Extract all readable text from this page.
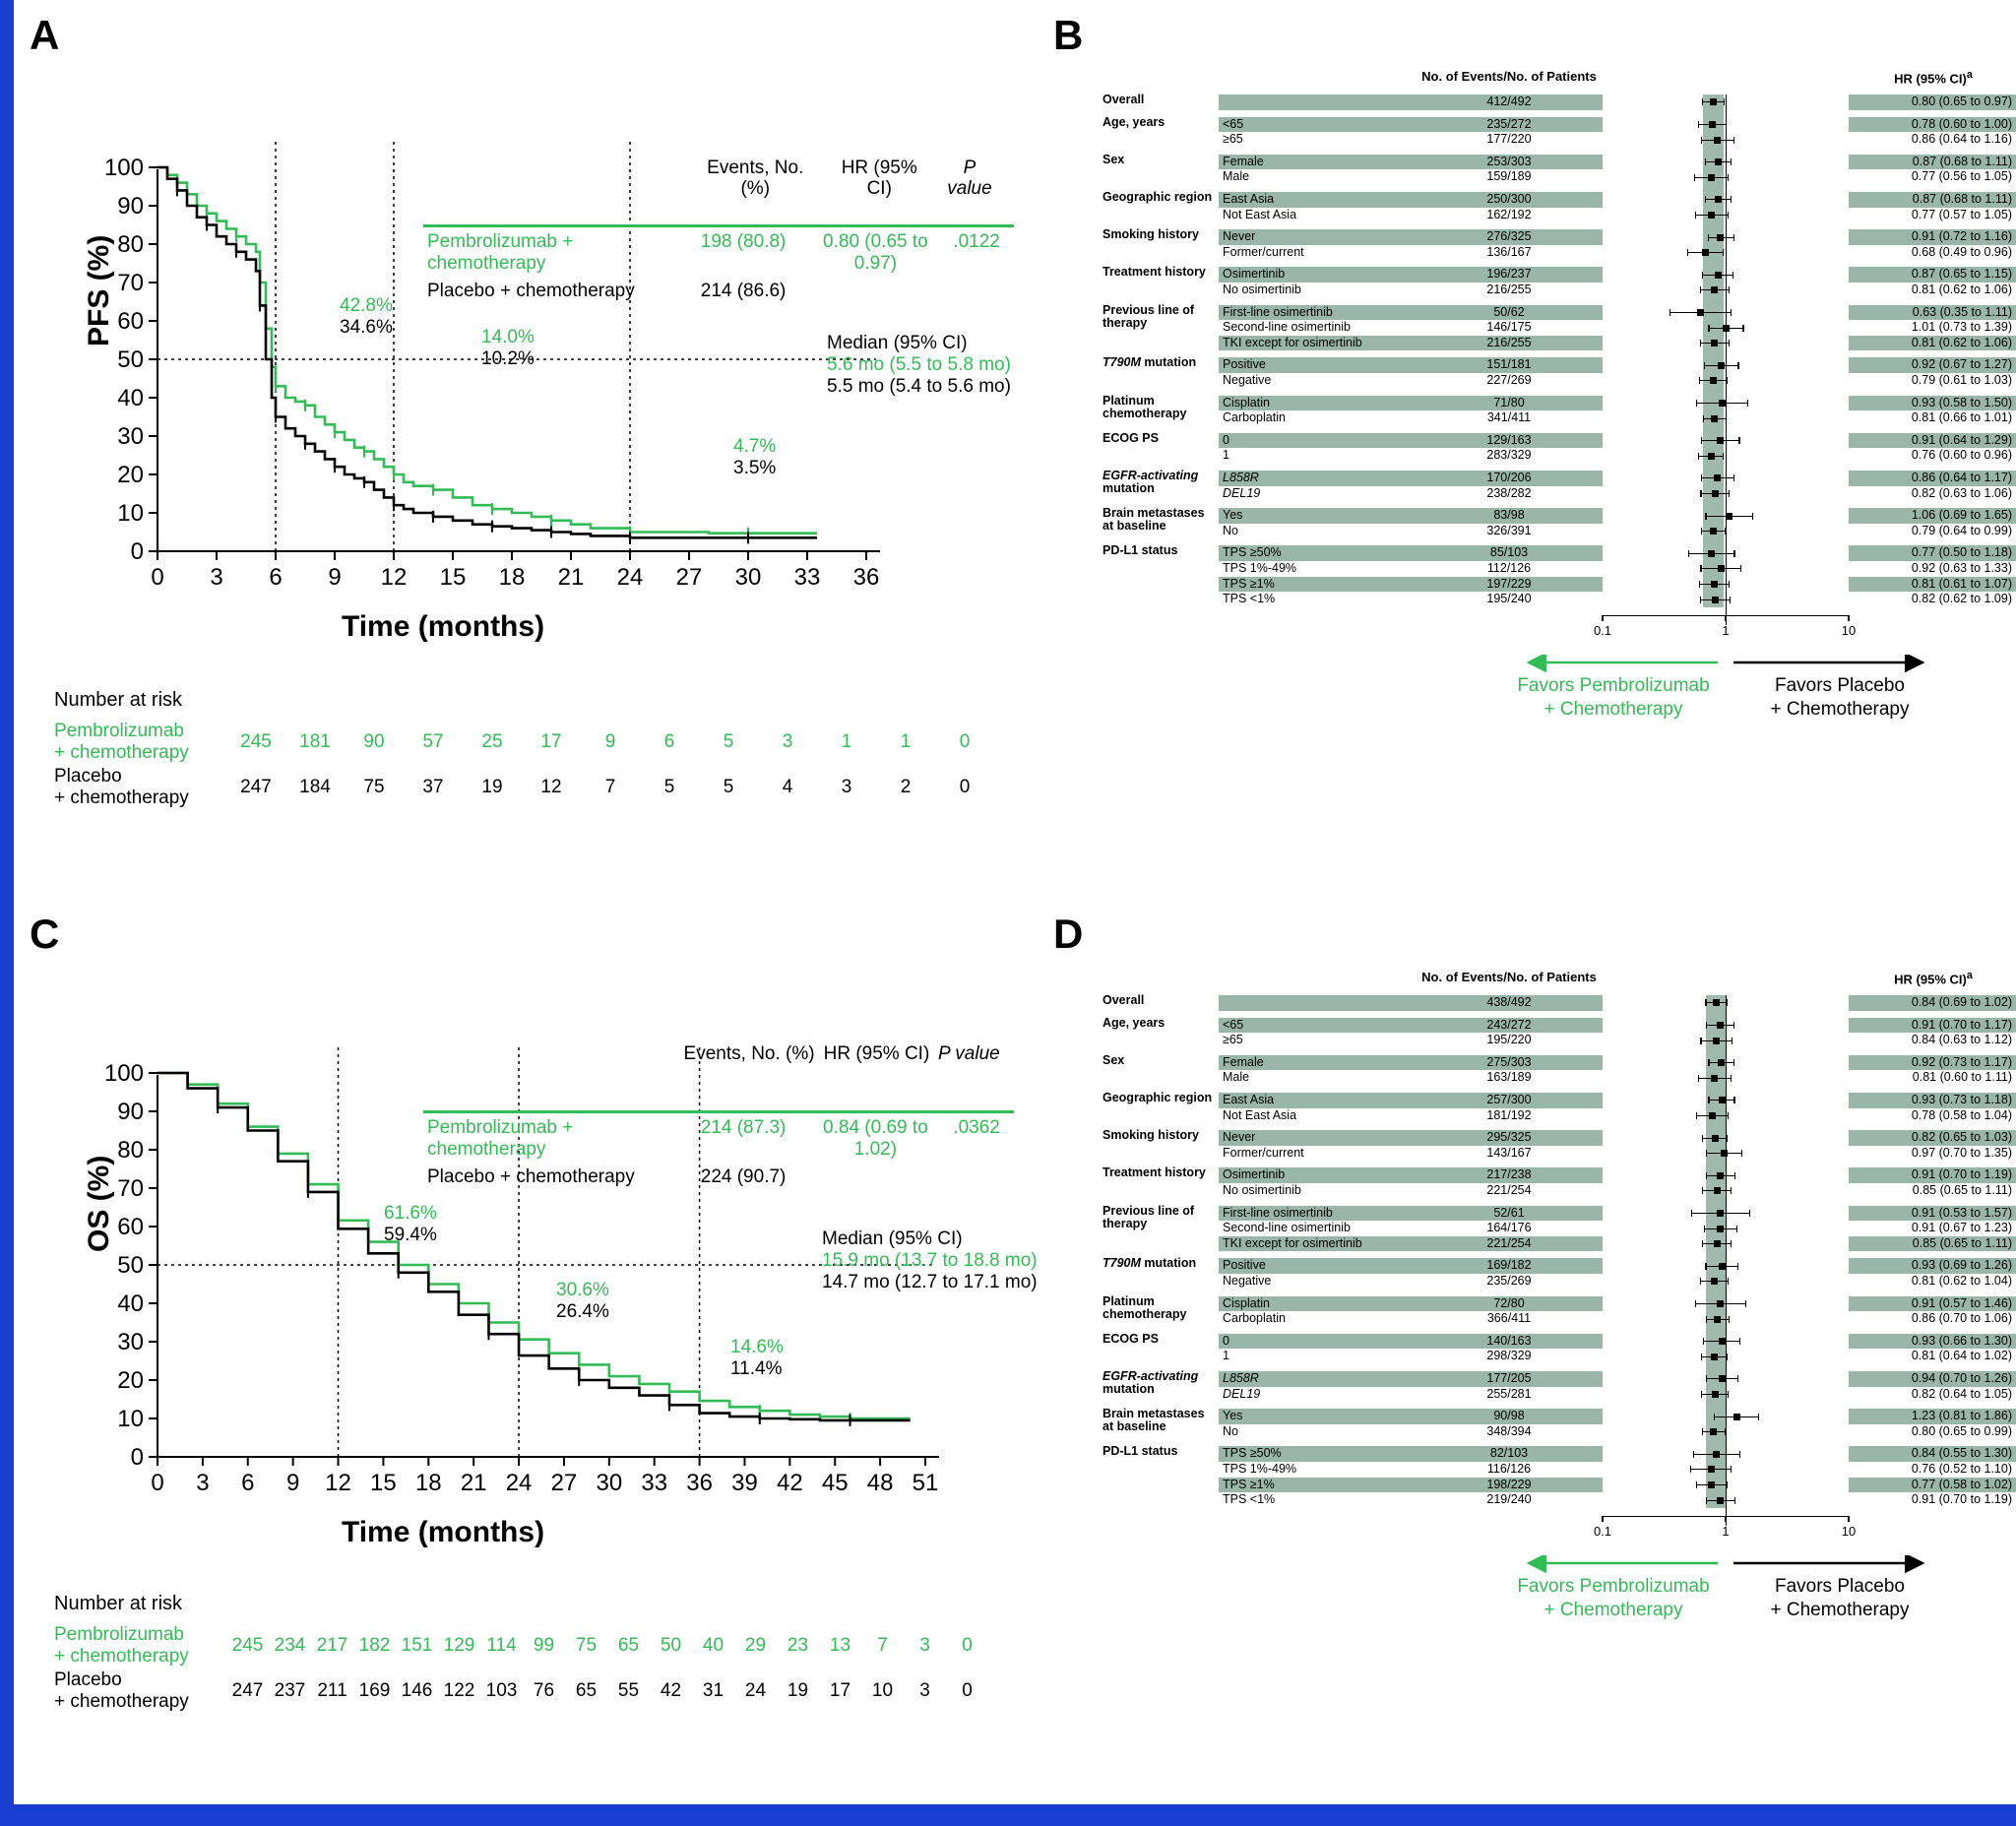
A	B
C	D
0 3 6 9 12 15 18 21 24 27 30 33 36
0
10
20
30
40
50
60
70
80
90
100
		Events, No. (%)	HR (95% CI)	P value
Pembrolizumab + chemotherapy	198 (80.8)	0.80 (0.65 to 0.97)	.0122
Placebo + chemotherapy	214 (86.6)		
Median (95% CI)
5.6 mo (5.5 to 5.8 mo)
5.5 mo (5.4 to 5.6 mo)
42.8%
34.6%	14.0%
10.2%
4.7%
3.5%
PFS (%)
Time (months)
Number at risk
Pembrolizumab
+ chemotherapy	245	181	90	57	25	17	9	6	5	3	1	1	0
Placebo
+ chemotherapy	247	184	75	37	19	12	7	5	5	4	3	2	0
0 3 6 9 12 15 18 21 24 27 30 33 36 39 42 45 48 51
0
10
20
30
40
50
60
70
80
90
100
Events, No. (%)	HR (95% CI)	P value
Pembrolizumab + chemotherapy	214 (87.3)	0.84 (0.69 to 1.02)	.0362
Placebo + chemotherapy	224 (90.7)		
Median (95% CI)
15.9 mo (13.7 to 18.8 mo)
14.7 mo (12.7 to 17.1 mo)
61.6%
59.4%
30.6%
26.4%
14.6%
11.4%
OS (%)
Time (months)
Number at risk
Pembrolizumab
+ chemotherapy	245	234	217	182	151	129	114	99	75	65	50	40	29	23	13	7	3	0
Placebo
+ chemotherapy	247	237	211	169	146	122	103	76	65	55	42	31	24	19	17	10	3	0
No. of Events/No. of Patients	HR (95% CI)$^a$
Overall	412/492	0.80 (0.65 to 0.97)
Age, years	<65	235/272	0.78 (0.60 to 1.00)
≥65	177/220	0.86 (0.64 to 1.16)
Sex	Female	253/303	0.87 (0.68 to 1.11)
Male	159/189	0.77 (0.56 to 1.05)
Geographic region East Asia	250/300	0.87 (0.68 to 1.11)
Not East Asia	162/192	0.77 (0.57 to 1.05)
Smoking history	Never	276/325	0.91 (0.72 to 1.16)
Former/current	136/167	0.68 (0.49 to 0.96)
Treatment history	Osimertinib	196/237	0.87 (0.65 to 1.15)
No osimertinib	216/255	0.81 (0.62 to 1.06)
Previous line of therapy
First-line osimertinib	50/62	0.63 (0.35 to 1.11)
Second-line osimertinib	146/175	1.01 (0.73 to 1.39)
TKI except for osimertinib	216/255	0.81 (0.62 to 1.06)
T790M mutation	Positive	151/181	0.92 (0.67 to 1.27)
Negative	227/269	0.79 (0.61 to 1.03)
Platinum chemotherapy
Cisplatin	71/80	0.93 (0.58 to 1.50)
Carboplatin	341/411	0.81 (0.66 to 1.01)
ECOG PS	0	129/163	0.91 (0.64 to 1.29)
1	283/329	0.76 (0.60 to 0.96)
EGFR-activating mutation
L858R	170/206	0.86 (0.64 to 1.17)
DEL19	238/282	0.82 (0.63 to 1.06)
Brain metastases at baseline
Yes	83/98	1.06 (0.69 to 1.65)
No	326/391	0.79 (0.64 to 0.99)
PD-L1 status	TPS ≥50%	85/103	0.77 (0.50 to 1.18)
TPS 1%-49%	112/126	0.92 (0.63 to 1.33)
TPS ≥1%	197/229	0.81 (0.61 to 1.07)
TPS <1%	195/240	0.82 (0.62 to 1.09)
0.1	1	10
Favors Pembrolizumab
+ Chemotherapy
Favors Placebo
+ Chemotherapy
No. of Events/No. of Patients	HR (95% CI)$^a$
Overall	438/492	0.84 (0.69 to 1.02)
Age, years	<65	243/272	0.91 (0.70 to 1.17)
≥65	195/220	0.84 (0.63 to 1.12)
Sex	Female	275/303	0.92 (0.73 to 1.17)
Male	163/189	0.81 (0.60 to 1.11)
Geographic region East Asia	257/300	0.93 (0.73 to 1.18)
Not East Asia	181/192	0.78 (0.58 to 1.04)
Smoking history	Never	295/325	0.82 (0.65 to 1.03)
Former/current	143/167	0.97 (0.70 to 1.35)
Treatment history	Osimertinib	217/238	0.91 (0.70 to 1.19)
No osimertinib	221/254	0.85 (0.65 to 1.11)
Previous line of therapy
First-line osimertinib	52/61	0.91 (0.53 to 1.57)
Second-line osimertinib	164/176	0.91 (0.67 to 1.23)
TKI except for osimertinib	221/254	0.85 (0.65 to 1.11)
T790M mutation	Positive	169/182	0.93 (0.69 to 1.26)
Negative	235/269	0.81 (0.62 to 1.04)
Platinum chemotherapy
Cisplatin	72/80	0.91 (0.57 to 1.46)
Carboplatin	366/411	0.86 (0.70 to 1.06)
ECOG PS	0	140/163	0.93 (0.66 to 1.30)
1	298/329	0.81 (0.64 to 1.02)
EGFR-activating mutation
L858R	177/205	0.94 (0.70 to 1.26)
DEL19	255/281	0.82 (0.64 to 1.05)
Brain metastases at baseline
Yes	90/98	1.23 (0.81 to 1.86)
No	348/394	0.80 (0.65 to 0.99)
PD-L1 status	TPS ≥50%	82/103	0.84 (0.55 to 1.30)
TPS 1%-49%	116/126	0.76 (0.52 to 1.10)
TPS ≥1%	198/229	0.77 (0.58 to 1.02)
TPS <1%	219/240	0.91 (0.70 to 1.19)
0.1	1	10
Favors Pembrolizumab
+ Chemotherapy
Favors Placebo
+ Chemotherapy
